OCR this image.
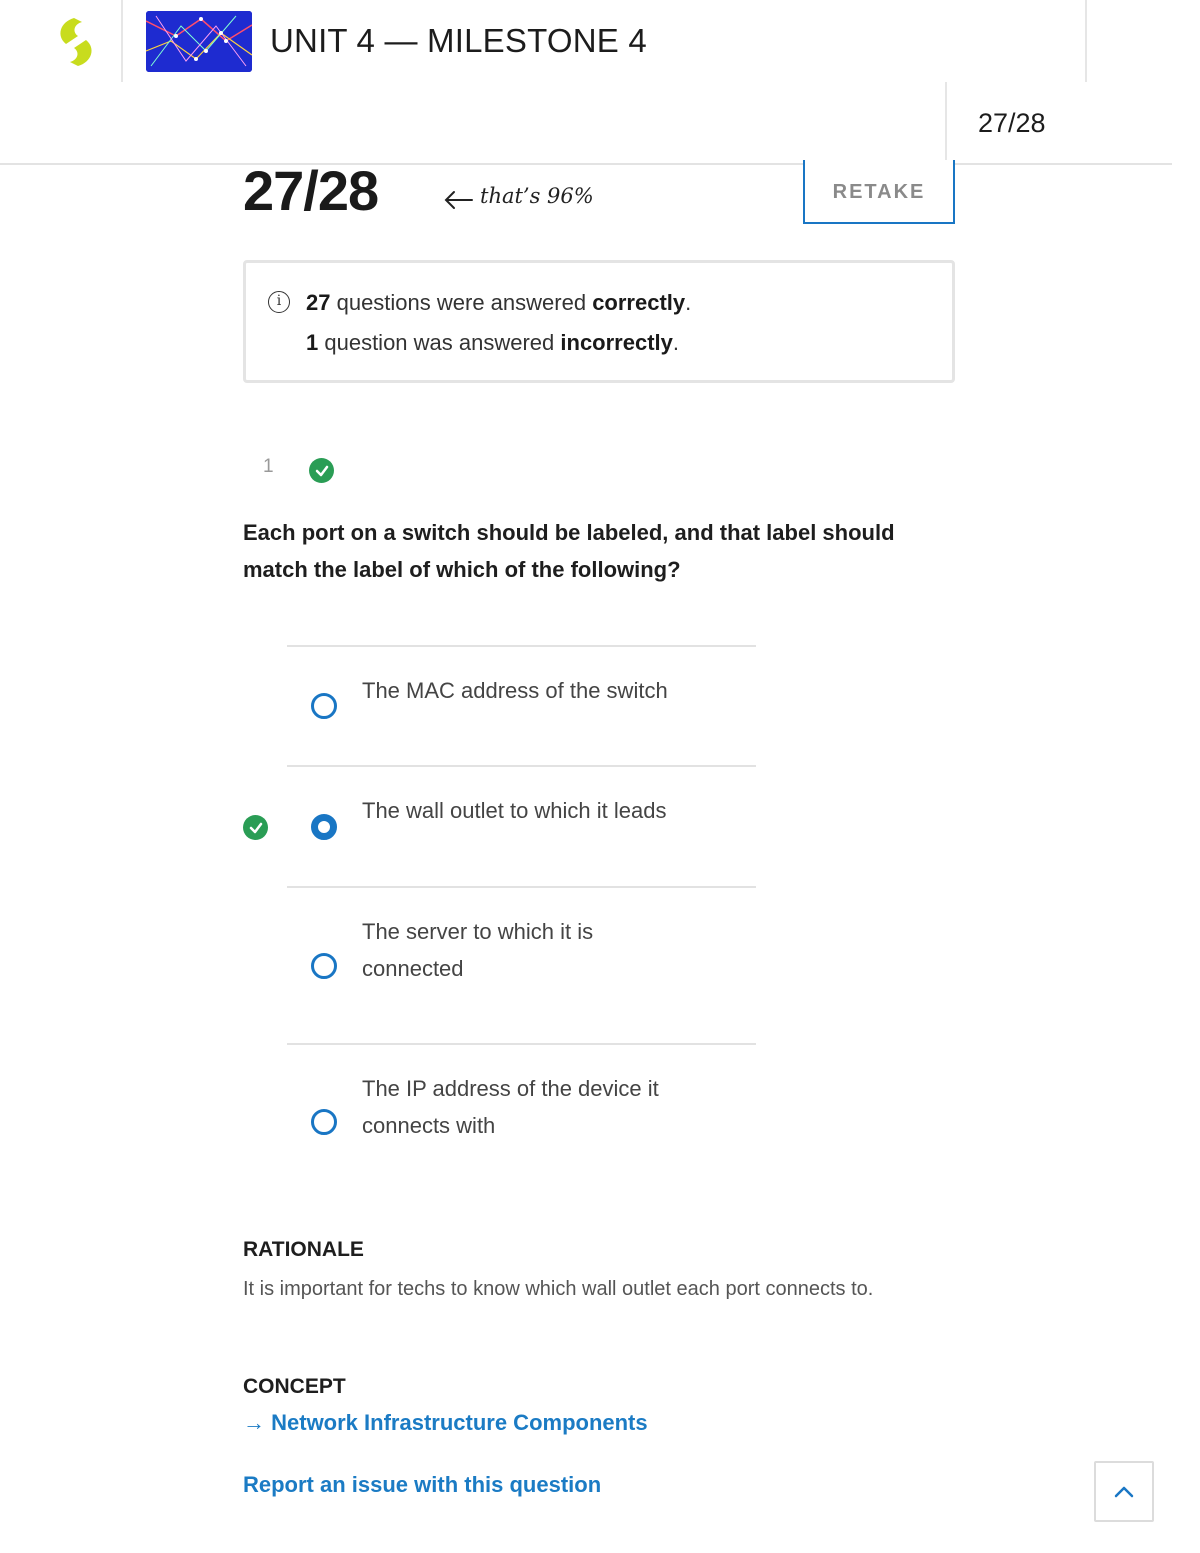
UNIT 4 — MILESTONE 4
27/28
27/28	that’s 96%	RETAKE
i	27 questions were answered correctly.
1 question was answered incorrectly.
1
Each port on a switch should be labeled, and that label should match the label of which of the following?
The MAC address of the switch
The wall outlet to which it leads
The server to which it is connected
The IP address of the device it connects with
RATIONALE
It is important for techs to know which wall outlet each port connects to.
CONCEPT
→ Network Infrastructure Components
Report an issue with this question
